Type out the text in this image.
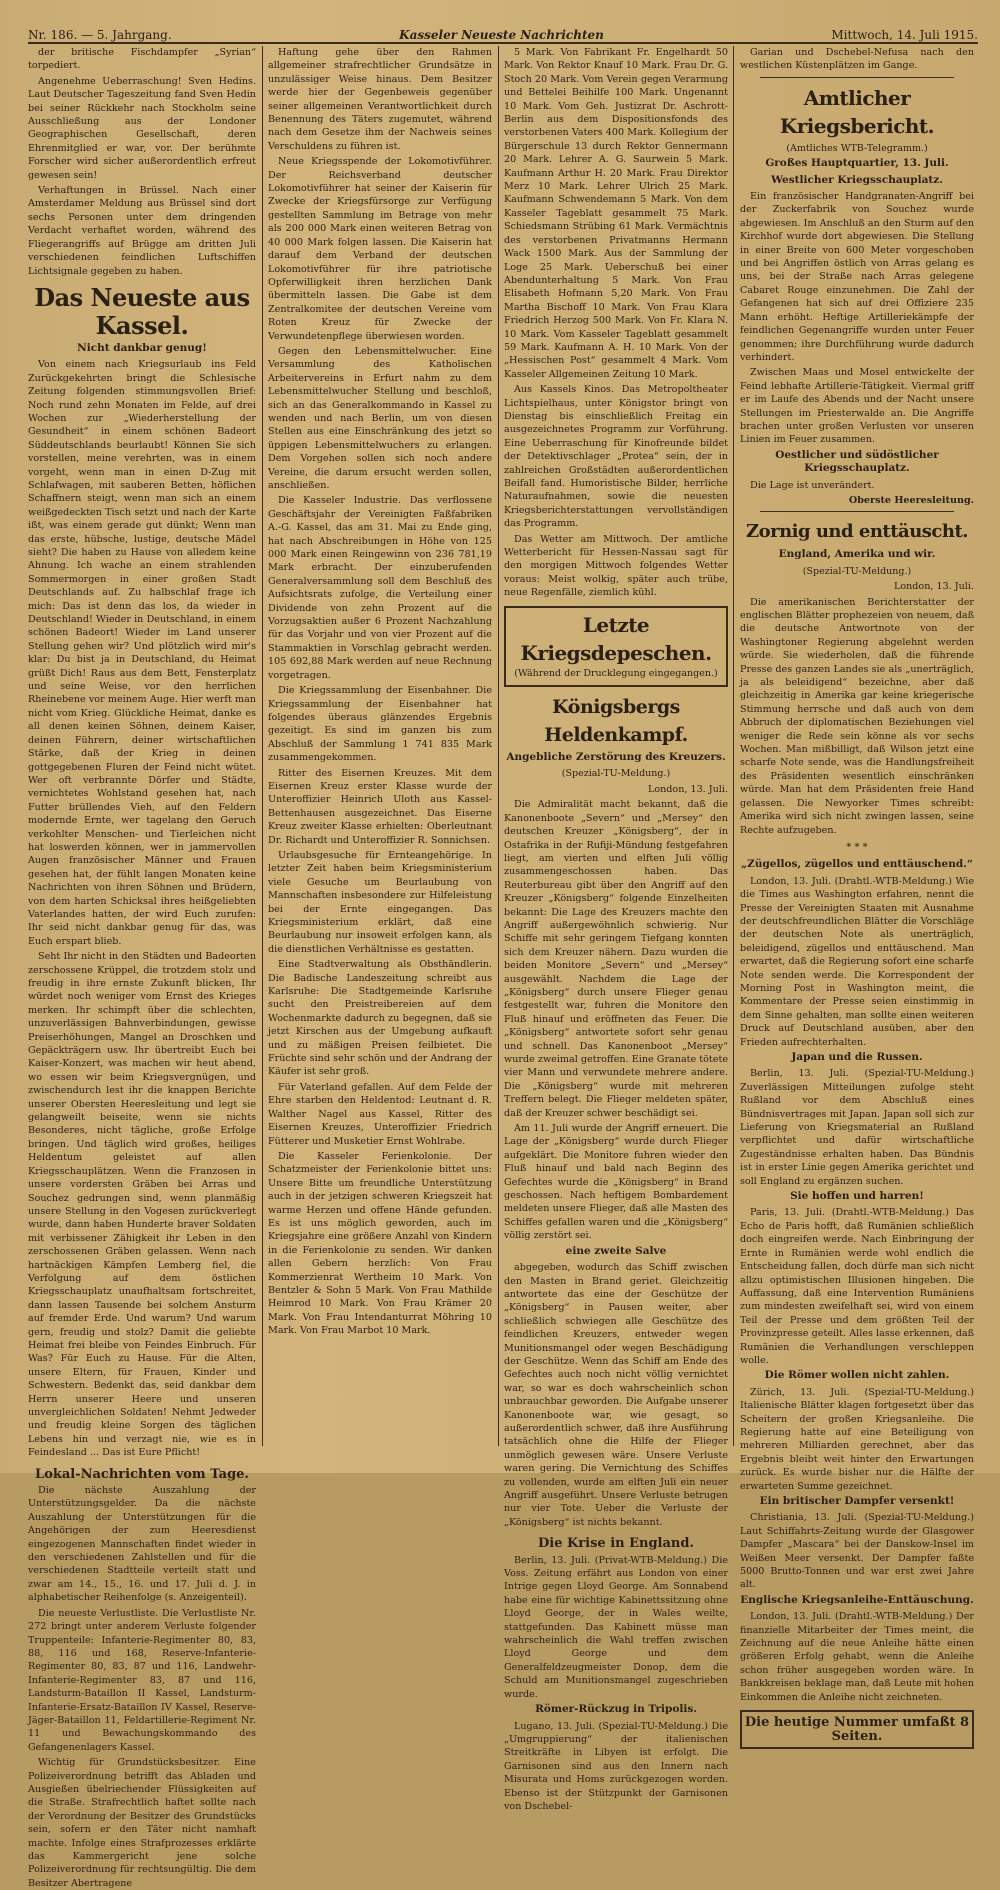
Nr. 186. — 5. Jahrgang.	Kasseler Neueste Nachrichten	Mittwoch, 14. Juli 1915.

der britische Fischdampfer „Syrian“ torpediert.

Angenehme Ueberraschung! Sven Hedins. Laut Deutscher Tageszeitung fand Sven Hedin bei seiner Rückkehr nach Stockholm seine Ausschließung aus der Londoner Geographischen Gesellschaft, deren Ehrenmitglied er war, vor. Der berühmte Forscher wird sicher außerordentlich erfreut gewesen sein!

Verhaftungen in Brüssel. Nach einer Amsterdamer Meldung aus Brüssel sind dort sechs Personen unter dem dringenden Verdacht verhaftet worden, während des Fliegerangriffs auf Brügge am dritten Juli verschiedenen feindlichen Luftschiffen Lichtsignale gegeben zu haben.

Das Neueste aus Kassel.
Nicht dankbar genug!

Von einem nach Kriegsurlaub ins Feld Zurückgekehrten bringt die Schlesische Zeitung folgenden stimmungsvollen Brief: Noch rund zehn Monaten im Felde, auf drei Wochen zur „Wiederherstellung der Gesundheit“ in einem schönen Badeort Süddeutschlands beurlaubt! Können Sie sich vorstellen, meine verehrten, was in einem vorgeht, wenn man in einen D-Zug mit Schlafwagen, mit sauberen Betten, höflichen Schaffnern steigt, wenn man sich an einem weißgedeckten Tisch setzt und nach der Karte ißt, was einem gerade gut dünkt; Wenn man das erste, hübsche, lustige, deutsche Mädel sieht? Die haben zu Hause von alledem keine Ahnung. Ich wache an einem strahlenden Sommermorgen in einer großen Stadt Deutschlands auf. Zu halbschlaf frage ich mich: Das ist denn das los, da wieder in Deutschland! Wieder in Deutschland, in einem schönen Badeort! Wieder im Land unserer Stellung gehen wir? Und plötzlich wird mir's klar: Du bist ja in Deutschland, du Heimat grüßt Dich! Raus aus dem Bett, Fensterplatz und seine Weise, vor den herrlichen Rheinebene vor meinem Auge. Hier werft man nicht vom Krieg. Glückliche Heimat, danke es all denen keinen Söhnen, deinem Kaiser, deinen Führern, deiner wirtschaftlichen Stärke, daß der Krieg in deinen gottgegebenen Fluren der Feind nicht wütet. Wer oft verbrannte Dörfer und Städte, vernichtetes Wohlstand gesehen hat, nach Futter brüllendes Vieh, auf den Feldern modernde Ernte, wer tagelang den Geruch verkohlter Menschen- und Tierleichen nicht hat loswerden können, wer in jammervollen Augen französischer Männer und Frauen gesehen hat, der fühlt langen Monaten keine Nachrichten von ihren Söhnen und Brüdern, von dem harten Schicksal ihres heißgeliebten Vaterlandes hatten, der wird Euch zurufen: Ihr seid nicht dankbar genug für das, was Euch erspart blieb.

Seht Ihr nicht in den Städten und Badeorten zerschossene Krüppel, die trotzdem stolz und freudig in ihre ernste Zukunft blicken, Ihr würdet noch weniger vom Ernst des Krieges merken. Ihr schimpft über die schlechten, unzuverlässigen Bahnverbindungen, gewisse Preiserhöhungen, Mangel an Droschken und Gepäckträgern usw. Ihr übertreibt Euch bei Kaiser-Konzert, was machen wir heut abend, wo essen wir beim Kriegsvergnügen, und zwischendurch lest ihr die knappen Berichte unserer Obersten Heeresleitung und legt sie gelangweilt beiseite, wenn sie nichts Besonderes, nicht tägliche, große Erfolge bringen. Und täglich wird großes, heiliges Heldentum geleistet auf allen Kriegsschauplätzen. Wenn die Franzosen in unsere vordersten Gräben bei Arras und Souchez gedrungen sind, wenn planmäßig unsere Stellung in den Vogesen zurückverlegt wurde, dann haben Hunderte braver Soldaten mit verbissener Zähigkeit ihr Leben in den zerschossenen Gräben gelassen. Wenn nach hartnäckigen Kämpfen Lemberg fiel, die Verfolgung auf dem östlichen Kriegsschauplatz unaufhaltsam fortschreitet, dann lassen Tausende bei solchem Ansturm auf fremder Erde. Und warum? Und warum gern, freudig und stolz? Damit die geliebte Heimat frei bleibe von Feindes Einbruch. Für Was? Für Euch zu Hause. Für die Alten, unsere Eltern, für Frauen, Kinder und Schwestern. Bedenkt das, seid dankbar dem Herrn unserer Heere und unseren unvergleichlichen Soldaten! Nehmt Jedweder und freudig kleine Sorgen des täglichen Lebens hin und verzagt nie, wie es in Feindesland ... Das ist Eure Pflicht!

Lokal-Nachrichten vom Tage.

Die nächste Auszahlung der Unterstützungsgelder. Da die nächste Auszahlung der Unterstützungen für die Angehörigen der zum Heeresdienst eingezogenen Mannschaften findet wieder in den verschiedenen Zahlstellen und für die verschiedenen Stadtteile verteilt statt und zwar am 14., 15., 16. und 17. Juli d. J. in alphabetischer Reihenfolge (s. Anzeigenteil).

Die neueste Verlustliste. Die Verlustliste Nr. 272 bringt unter anderem Verluste folgender Truppenteile: Infanterie-Regimenter 80, 83, 88, 116 und 168, Reserve-Infanterie-Regimenter 80, 83, 87 und 116, Landwehr-Infanterie-Regimenter 83, 87 und 116, Landsturm-Bataillon II Kassel, Landsturm-Infanterie-Ersatz-Bataillon IV Kassel, Reserve-Jäger-Bataillon 11, Feldartillerie-Regiment Nr. 11 und Bewachungskommando des Gefangenenlagers Kassel.

Wichtig für Grundstücksbesitzer. Eine Polizeiverordnung betrifft das Abladen und Ausgießen übelriechender Flüssigkeiten auf die Straße. Strafrechtlich haftet sollte nach der Verordnung der Besitzer des Grundstücks sein, sofern er den Täter nicht namhaft machte. Infolge eines Strafprozesses erklärte das Kammergericht jene solche Polizeiverordnung für rechtsungültig. Die dem Besitzer Abertragene

Haftung gehe über den Rahmen allgemeiner strafrechtlicher Grundsätze in unzulässiger Weise hinaus. Dem Besitzer werde hier der Gegenbeweis gegenüber seiner allgemeinen Verantwortlichkeit durch Benennung des Täters zugemutet, während nach dem Gesetze ihm der Nachweis seines Verschuldens zu führen ist.

Neue Kriegsspende der Lokomotivführer. Der Reichsverband deutscher Lokomotivführer hat seiner der Kaiserin für Zwecke der Kriegsfürsorge zur Verfügung gestellten Sammlung im Betrage von mehr als 200 000 Mark einen weiteren Betrag von 40 000 Mark folgen lassen. Die Kaiserin hat darauf dem Verband der deutschen Lokomotivführer für ihre patriotische Opferwilligkeit ihren herzlichen Dank übermitteln lassen. Die Gabe ist dem Zentralkomitee der deutschen Vereine vom Roten Kreuz für Zwecke der Verwundetenpflege überwiesen worden.

Gegen den Lebensmittelwucher. Eine Versammlung des Katholischen Arbeitervereins in Erfurt nahm zu dem Lebensmittelwucher Stellung und beschloß, sich an das Generalkommando in Kassel zu wenden und nach Berlin, um von diesen Stellen aus eine Einschränkung des jetzt so üppigen Lebensmittelwuchers zu erlangen. Dem Vorgehen sollen sich noch andere Vereine, die darum ersucht werden sollen, anschließen.

Die Kasseler Industrie. Das verflossene Geschäftsjahr der Vereinigten Faßfabriken A.-G. Kassel, das am 31. Mai zu Ende ging, hat nach Abschreibungen in Höhe von 125 000 Mark einen Reingewinn von 236 781,19 Mark erbracht. Der einzuberufenden Generalversammlung soll dem Beschluß des Aufsichtsrats zufolge, die Verteilung einer Dividende von zehn Prozent auf die Vorzugsaktien außer 6 Prozent Nachzahlung für das Vorjahr und von vier Prozent auf die Stammaktien in Vorschlag gebracht werden. 105 692,88 Mark werden auf neue Rechnung vorgetragen.

Die Kriegssammlung der Eisenbahner. Die Kriegssammlung der Eisenbahner hat folgendes überaus glänzendes Ergebnis gezeitigt. Es sind im ganzen bis zum Abschluß der Sammlung 1 741 835 Mark zusammengekommen.

Ritter des Eisernen Kreuzes. Mit dem Eisernen Kreuz erster Klasse wurde der Unteroffizier Heinrich Uloth aus Kassel-Bettenhausen ausgezeichnet. Das Eiserne Kreuz zweiter Klasse erhielten: Oberleutnant Dr. Richardt und Unteroffizier R. Sonnichsen.

Urlaubsgesuche für Ernteangehörige. In letzter Zeit haben beim Kriegsministerium viele Gesuche um Beurlaubung von Mannschaften insbesondere zur Hilfeleistung bei der Ernte eingegangen. Das Kriegsministerium erklärt, daß eine Beurlaubung nur insoweit erfolgen kann, als die dienstlichen Verhältnisse es gestatten.

Eine Stadtverwaltung als Obsthändlerin. Die Badische Landeszeitung schreibt aus Karlsruhe: Die Stadtgemeinde Karlsruhe sucht den Preistreibereien auf dem Wochenmarkte dadurch zu begegnen, daß sie jetzt Kirschen aus der Umgebung aufkauft und zu mäßigen Preisen feilbietet. Die Früchte sind sehr schön und der Andrang der Käufer ist sehr groß.

Für Vaterland gefallen. Auf dem Felde der Ehre starben den Heldentod: Leutnant d. R. Walther Nagel aus Kassel, Ritter des Eisernen Kreuzes, Unteroffizier Friedrich Fütterer und Musketier Ernst Wohlrabe.

Die Kasseler Ferienkolonie. Der Schatzmeister der Ferienkolonie bittet uns: Unsere Bitte um freundliche Unterstützung auch in der jetzigen schweren Kriegszeit hat warme Herzen und offene Hände gefunden. Es ist uns möglich geworden, auch im Kriegsjahre eine größere Anzahl von Kindern in die Ferienkolonie zu senden. Wir danken allen Gebern herzlich: Von Frau Kommerzienrat Wertheim 10 Mark. Von Bentzler & Sohn 5 Mark. Von Frau Mathilde Heimrod 10 Mark. Von Frau Krämer 20 Mark. Von Frau Intendanturrat Möhring 10 Mark. Von Frau Marbot 10 Mark.

5 Mark. Von Fabrikant Fr. Engelhardt 50 Mark. Von Rektor Knauf 10 Mark. Frau Dr. G. Stoch 20 Mark. Vom Verein gegen Verarmung und Bettelei Beihilfe 100 Mark. Ungenannt 10 Mark. Vom Geh. Justizrat Dr. Aschrott-Berlin aus dem Dispositionsfonds des verstorbenen Vaters 400 Mark. Kollegium der Bürgerschule 13 durch Rektor Gennermann 20 Mark. Lehrer A. G. Saurwein 5 Mark. Kaufmann Arthur H. 20 Mark. Frau Direktor Merz 10 Mark. Lehrer Ulrich 25 Mark. Kaufmann Schwendemann 5 Mark. Von dem Kasseler Tageblatt gesammelt 75 Mark. Schiedsmann Strübing 61 Mark. Vermächtnis des verstorbenen Privatmanns Hermann Wack 1500 Mark. Aus der Sammlung der Loge 25 Mark. Ueberschuß bei einer Abendunterhaltung 5 Mark. Von Frau Elisabeth Hofmann 5,20 Mark. Von Frau Martha Bischoff 10 Mark. Von Frau Klara Friedrich Herzog 500 Mark. Von Fr. Klara N. 10 Mark. Vom Kasseler Tageblatt gesammelt 59 Mark. Kaufmann A. H. 10 Mark. Von der „Hessischen Post“ gesammelt 4 Mark. Vom Kasseler Allgemeinen Zeitung 10 Mark.

Aus Kassels Kinos. Das Metropoltheater Lichtspielhaus, unter Königstor bringt von Dienstag bis einschließlich Freitag ein ausgezeichnetes Programm zur Vorführung. Eine Ueberraschung für Kinofreunde bildet der Detektivschlager „Protea“ sein, der in zahlreichen Großstädten außerordentlichen Beifall fand. Humoristische Bilder, herrliche Naturaufnahmen, sowie die neuesten Kriegsberichterstattungen vervollständigen das Programm.

Das Wetter am Mittwoch. Der amtliche Wetterbericht für Hessen-Nassau sagt für den morgigen Mittwoch folgendes Wetter voraus: Meist wolkig, später auch trübe, neue Regenfälle, ziemlich kühl.

Letzte Kriegsdepeschen.
(Während der Drucklegung eingegangen.)
Königsbergs Heldenkampf.
Angebliche Zerstörung des Kreuzers.
(Spezial-TU-Meldung.)
London, 13. Juli.

Die Admiralität macht bekannt, daß die Kanonenboote „Severn“ und „Mersey“ den deutschen Kreuzer „Königsberg“, der in Ostafrika in der Rufiji-Mündung festgefahren liegt, am vierten und elften Juli völlig zusammengeschossen haben. Das Reuterbureau gibt über den Angriff auf den Kreuzer „Königsberg“ folgende Einzelheiten bekannt: Die Lage des Kreuzers machte den Angriff außergewöhnlich schwierig. Nur Schiffe mit sehr geringem Tiefgang konnten sich dem Kreuzer nähern. Dazu wurden die beiden Monitore „Severn“ und „Mersey“ ausgewählt. Nachdem die Lage der „Königsberg“ durch unsere Flieger genau festgestellt war, fuhren die Monitore den Fluß hinauf und eröffneten das Feuer. Die „Königsberg“ antwortete sofort sehr genau und schnell. Das Kanonenboot „Mersey“ wurde zweimal getroffen. Eine Granate tötete vier Mann und verwundete mehrere andere. Die „Königsberg“ wurde mit mehreren Treffern belegt. Die Flieger meldeten später, daß der Kreuzer schwer beschädigt sei.

Am 11. Juli wurde der Angriff erneuert. Die Lage der „Königsberg“ wurde durch Flieger aufgeklärt. Die Monitore fuhren wieder den Fluß hinauf und bald nach Beginn des Gefechtes wurde die „Königsberg“ in Brand geschossen. Nach heftigem Bombardement meldeten unsere Flieger, daß alle Masten des Schiffes gefallen waren und die „Königsberg“ völlig zerstört sei.

eine zweite Salve

abgegeben, wodurch das Schiff zwischen den Masten in Brand geriet. Gleichzeitig antwortete das eine der Geschütze der „Königsberg“ in Pausen weiter, aber schließlich schwiegen alle Geschütze des feindlichen Kreuzers, entweder wegen Munitionsmangel oder wegen Beschädigung der Geschütze. Wenn das Schiff am Ende des Gefechtes auch noch nicht völlig vernichtet war, so war es doch wahrscheinlich schon unbrauchbar geworden. Die Aufgabe unserer Kanonenboote war, wie gesagt, so außerordentlich schwer, daß ihre Ausführung tatsächlich ohne die Hilfe der Flieger unmöglich gewesen wäre. Unsere Verluste waren gering. Die Vernichtung des Schiffes zu vollenden, wurde am elften Juli ein neuer Angriff ausgeführt. Unsere Verluste betrugen nur vier Tote. Ueber die Verluste der „Königsberg“ ist nichts bekannt.

Die Krise in England.

Berlin, 13. Juli. (Privat-WTB-Meldung.) Die Voss. Zeitung erfährt aus London von einer Intrige gegen Lloyd George. Am Sonnabend habe eine für wichtige Kabinettssitzung ohne Lloyd George, der in Wales weilte, stattgefunden. Das Kabinett müsse man wahrscheinlich die Wahl treffen zwischen Lloyd George und dem Generalfeldzeugmeister Donop, dem die Schuld am Munitionsmangel zugeschrieben wurde.

Römer-Rückzug in Tripolis.

Lugano, 13. Juli. (Spezial-TU-Meldung.) Die „Umgruppierung“ der italienischen Streitkräfte in Libyen ist erfolgt. Die Garnisonen sind aus den Innern nach Misurata und Homs zurückgezogen worden. Ebenso ist der Stützpunkt der Garnisonen von Dschebel-

Garian und Dschebel-Nefusa nach den westlichen Küstenplätzen im Gange.

Amtlicher Kriegsbericht.
(Amtliches WTB-Telegramm.)
Großes Hauptquartier, 13. Juli.
Westlicher Kriegsschauplatz.

Ein französischer Handgranaten-Angriff bei der Zuckerfabrik von Souchez wurde abgewiesen. Im Anschluß an den Sturm auf den Kirchhof wurde dort abgewiesen. Die Stellung in einer Breite von 600 Meter vorgeschoben und bei Angriffen östlich von Arras gelang es uns, bei der Straße nach Arras gelegene Cabaret Rouge einzunehmen. Die Zahl der Gefangenen hat sich auf drei Offiziere 235 Mann erhöht. Heftige Artilleriekämpfe der feindlichen Gegenangriffe wurden unter Feuer genommen; ihre Durchführung wurde dadurch verhindert.

Zwischen Maas und Mosel entwickelte der Feind lebhafte Artillerie-Tätigkeit. Viermal griff er im Laufe des Abends und der Nacht unsere Stellungen im Priesterwalde an. Die Angriffe brachen unter großen Verlusten vor unseren Linien im Feuer zusammen.

Oestlicher und südöstlicher Kriegsschauplatz.

Die Lage ist unverändert.

Oberste Heeresleitung.
Zornig und enttäuscht.
England, Amerika und wir.
(Spezial-TU-Meldung.)
London, 13. Juli.

Die amerikanischen Berichterstatter der englischen Blätter prophezeien von neuem, daß die deutsche Antwortnote von der Washingtoner Regierung abgelehnt werden würde. Sie wiederholen, daß die führende Presse des ganzen Landes sie als „unerträglich, ja als beleidigend“ bezeichne, aber daß gleichzeitig in Amerika gar keine kriegerische Stimmung herrsche und daß auch von dem Abbruch der diplomatischen Beziehungen viel weniger die Rede sein könne als vor sechs Wochen. Man mißbilligt, daß Wilson jetzt eine scharfe Note sende, was die Handlungsfreiheit des Präsidenten wesentlich einschränken würde. Man hat dem Präsidenten freie Hand gelassen. Die Newyorker Times schreibt: Amerika wird sich nicht zwingen lassen, seine Rechte aufzugeben.

* * *
„Zügellos, zügellos und enttäuschend.“

London, 13. Juli. (Drahtl.-WTB-Meldung.) Wie die Times aus Washington erfahren, nennt die Presse der Vereinigten Staaten mit Ausnahme der deutschfreundlichen Blätter die Vorschläge der deutschen Note als unerträglich, beleidigend, zügellos und enttäuschend. Man erwartet, daß die Regierung sofort eine scharfe Note senden werde. Die Korrespondent der Morning Post in Washington meint, die Kommentare der Presse seien einstimmig in dem Sinne gehalten, man sollte einen weiteren Druck auf Deutschland ausüben, aber den Frieden aufrechterhalten.

Japan und die Russen.

Berlin, 13. Juli. (Spezial-TU-Meldung.) Zuverlässigen Mitteilungen zufolge steht Rußland vor dem Abschluß eines Bündnisvertrages mit Japan. Japan soll sich zur Lieferung von Kriegsmaterial an Rußland verpflichtet und dafür wirtschaftliche Zugeständnisse erhalten haben. Das Bündnis ist in erster Linie gegen Amerika gerichtet und soll England zu ergänzen suchen.

Sie hoffen und harren!

Paris, 13. Juli. (Drahtl.-WTB-Meldung.) Das Echo de Paris hofft, daß Rumänien schließlich doch eingreifen werde. Nach Einbringung der Ernte in Rumänien werde wohl endlich die Entscheidung fallen, doch dürfe man sich nicht allzu optimistischen Illusionen hingeben. Die Auffassung, daß eine Intervention Rumäniens zum mindesten zweifelhaft sei, wird von einem Teil der Presse und dem größten Teil der Provinzpresse geteilt. Alles lasse erkennen, daß Rumänien die Verhandlungen verschleppen wolle.

Die Römer wollen nicht zahlen.

Zürich, 13. Juli. (Spezial-TU-Meldung.) Italienische Blätter klagen fortgesetzt über das Scheitern der großen Kriegsanleihe. Die Regierung hatte auf eine Beteiligung von mehreren Milliarden gerechnet, aber das Ergebnis bleibt weit hinter den Erwartungen zurück. Es wurde bisher nur die Hälfte der erwarteten Summe gezeichnet.

Ein britischer Dampfer versenkt!

Christiania, 13. Juli. (Spezial-TU-Meldung.) Laut Schiffahrts-Zeitung wurde der Glasgower Dampfer „Mascara“ bei der Danskow-Insel im Weißen Meer versenkt. Der Dampfer faßte 5000 Brutto-Tonnen und war erst zwei Jahre alt.

Englische Kriegsanleihe-Enttäuschung.

London, 13. Juli. (Drahtl.-WTB-Meldung.) Der finanzielle Mitarbeiter der Times meint, die Zeichnung auf die neue Anleihe hätte einen größeren Erfolg gehabt, wenn die Anleihe schon früher ausgegeben worden wäre. In Bankkreisen beklage man, daß Leute mit hohen Einkommen die Anleihe nicht zeichneten.

Die heutige Nummer umfaßt 8 Seiten.
